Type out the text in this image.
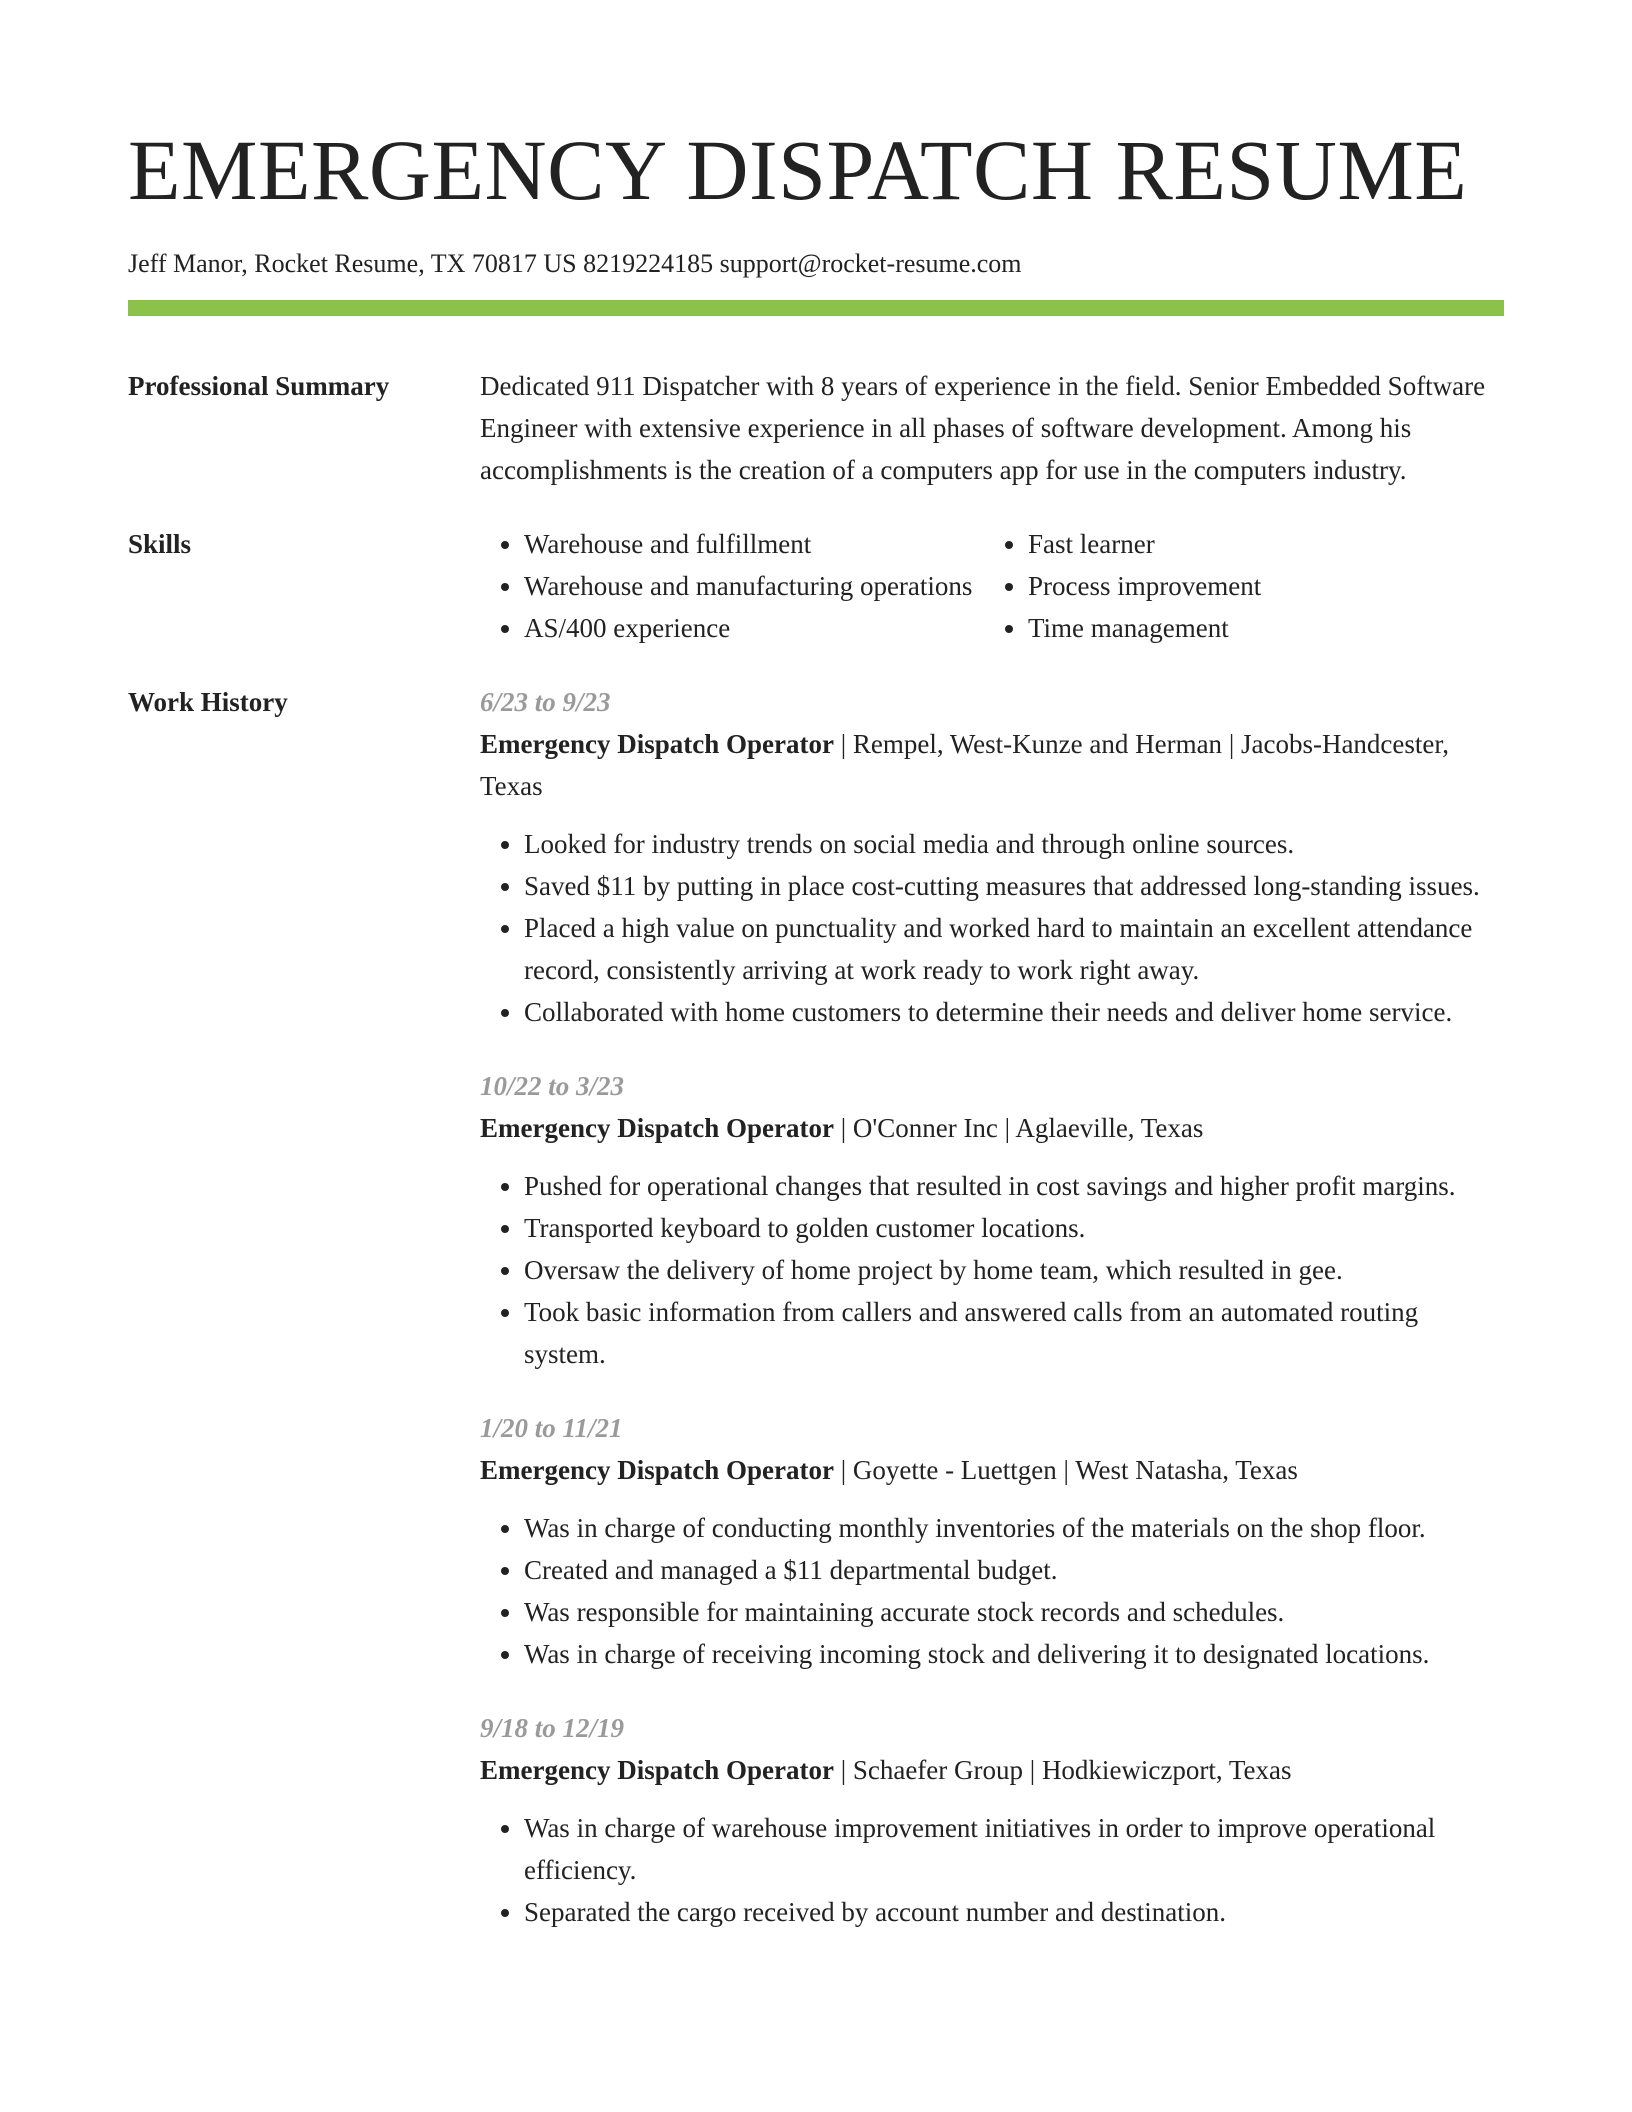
EMERGENCY DISPATCH RESUME
Jeff Manor, Rocket Resume, TX 70817 US 8219224185 support@rocket-resume.com
Professional Summary	Dedicated 911 Dispatcher with 8 years of experience in the field. Senior Embedded Software Engineer with extensive experience in all phases of software development. Among his accomplishments is the creation of a computers app for use in the computers industry.
Skills
•	Warehouse and fulfillment
• Warehouse and manufacturing operations
• AS/400 experience
• Fast learner
• Process improvement
• Time management
Work History	6/23 to 9/23
Emergency Dispatch Operator | Rempel, West-Kunze and Herman | Jacobs-Handcester, Texas
• Looked for industry trends on social media and through online sources.
• Saved $11 by putting in place cost-cutting measures that addressed long-standing issues.
• Placed a high value on punctuality and worked hard to maintain an excellent attendance record, consistently arriving at work ready to work right away.
• Collaborated with home customers to determine their needs and deliver home service.
10/22 to 3/23
Emergency Dispatch Operator | O'Conner Inc | Aglaeville, Texas
• Pushed for operational changes that resulted in cost savings and higher profit margins.
• Transported keyboard to golden customer locations.
• Oversaw the delivery of home project by home team, which resulted in gee.
• Took basic information from callers and answered calls from an automated routing system.
1/20 to 11/21
Emergency Dispatch Operator | Goyette - Luettgen | West Natasha, Texas
• Was in charge of conducting monthly inventories of the materials on the shop floor.
• Created and managed a $11 departmental budget.
• Was responsible for maintaining accurate stock records and schedules.
• Was in charge of receiving incoming stock and delivering it to designated locations.
9/18 to 12/19
Emergency Dispatch Operator | Schaefer Group | Hodkiewiczport, Texas
• Was in charge of warehouse improvement initiatives in order to improve operational efficiency.
• Separated the cargo received by account number and destination.
